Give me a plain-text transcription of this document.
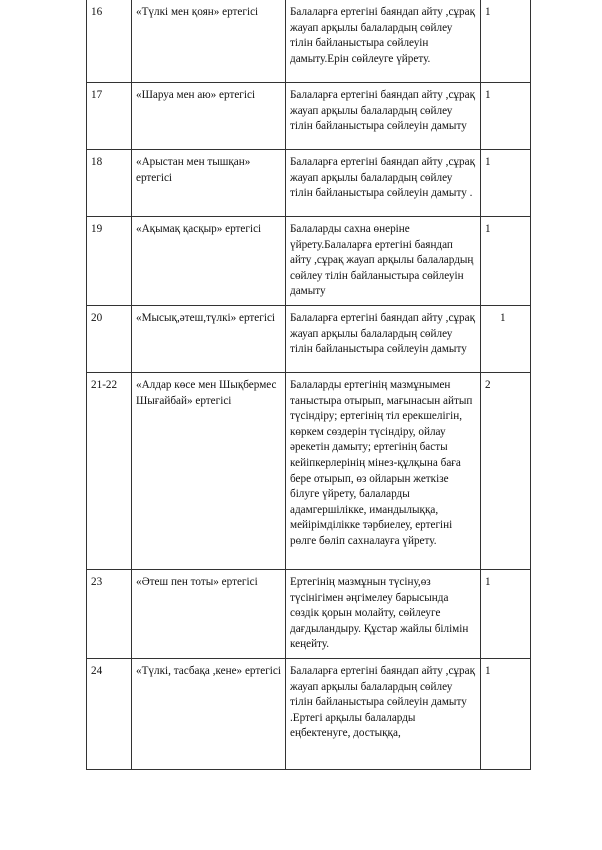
16	«Түлкі мен қоян» ертегісі	Балаларға ертегіні баяндап айту ,сұрақ жауап арқылы балалардың сөйлеу тілін байланыстыра сөйлеуін дамыту.Ерін сөйлеуге үйрету.	1
17	«Шаруа мен аю» ертегісі	Балаларға ертегіні баяндап айту ,сұрақ жауап арқылы балалардың сөйлеу тілін байланыстыра сөйлеуін дамыту	1
18	«Арыстан мен тышқан» ертегісі	Балаларға ертегіні баяндап айту ,сұрақ жауап арқылы балалардың сөйлеу тілін байланыстыра сөйлеуін дамыту .	1
19	«Ақымақ қасқыр» ертегісі	Балаларды сахна өнеріне үйрету.Балаларға ертегіні баяндап айту ,сұрақ жауап арқылы балалардың сөйлеу тілін байланыстыра сөйлеуін дамыту	1
20	«Мысық,әтеш,түлкі» ертегісі	Балаларға ертегіні баяндап айту ,сұрақ жауап арқылы балалардың сөйлеу тілін байланыстыра сөйлеуін дамыту	1
21-22	«Алдар көсе мен Шықбермес Шығайбай» ертегісі	Балаларды ертегінің мазмұнымен таныстыра отырып, мағынасын айтып түсіндіру; ертегінің тіл ерекшелігін, көркем сөздерін түсіндіру, ойлау әрекетін дамыту; ертегінің басты кейіпкерлерінің мінез-құлқына баға бере отырып, өз ойларын жеткізе білуге үйрету, балаларды адамгершілікке, имандылыққа, мейірімділікке тәрбиелеу, ертегіні рөлге бөліп сахналауға үйрету.	2
23	«Әтеш пен тоты» ертегісі	Ертегінің мазмұнын түсіну,өз түсінігімен әңгімелеу барысында сөздік қорын молайту, сөйлеуге дағдыландыру. Құстар жайлы білімін кеңейту.	1
24	«Түлкі, тасбақа ,кене» ертегісі	Балаларға ертегіні баяндап айту ,сұрақ жауап арқылы балалардың сөйлеу тілін байланыстыра сөйлеуін дамыту .Ертегі арқылы балаларды еңбектенуге, достыққа,	1
